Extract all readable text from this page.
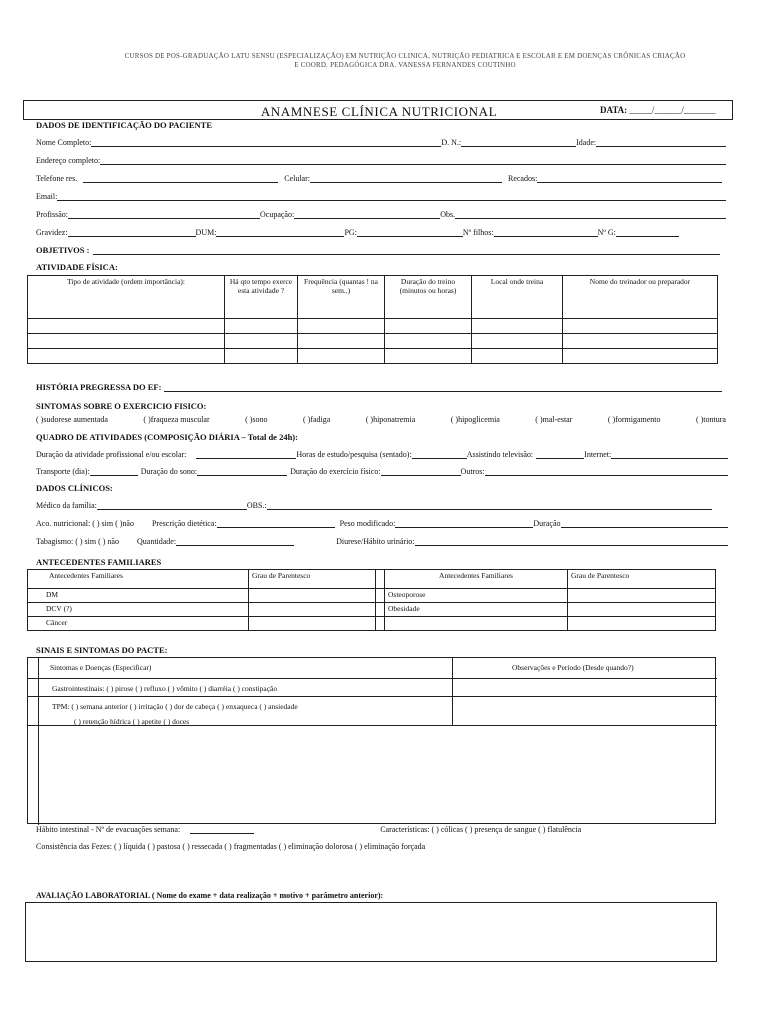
CURSOS DE POS-GRADUAÇÃO LATU SENSU (ESPECIALIZAÇÃO) EM NUTRIÇÃO CLINICA, NUTRIÇÃO PEDIATRICA E ESCOLAR E EM DOENÇAS CRÔNICAS CRIAÇÃO
E COORD. PEDAGÓGICA DRA. VANESSA FERNANDES COUTINHO
ANAMNESE CLÍNICA NUTRICIONAL	DATA: _____/______/_______
DADOS DE IDENTIFICAÇÃO DO PACIENTE
Nome Completo:	D. N.:	Idade:
Endereço completo:
Telefone res.	Celular:	Recados:
Email:
Profissão:	Ocupação:	Obs.
Gravidez:	DUM:	PG:	Nº filhos:	Nº G:
OBJETIVOS :
ATIVIDADE FÍSICA:
Tipo de atividade (ordem importância):	Há qto tempo exerce esta atividade ?	Frequência (quantas ! na sem..)	Duração do treino (minutos ou horas)	Local onde treina	Nome do treinador ou preparador

HISTÓRIA PREGRESSA DO EF:
SINTOMAS SOBRE O EXERCICIO FISICO:
( )sudorese aumentada	( )fraqueza muscular	( )sono	( )fadiga	( )hiponatremia	( )hipoglicemia	( )mal-estar	( )formigamento	( )tontura
QUADRO DE ATIVIDADES (COMPOSIÇÃO DIÁRIA – Total de 24h):
Duração da atividade profissional e/ou escolar:	Horas de estudo/pesquisa (sentado):	Assistindo televisão:	Internet:
Transporte (dia):	Duração do sono:	Duração do exercício físico:	Outros:
DADOS CLÍNICOS:
Médico da família:	OBS.:
Aco. nutricional: ( ) sim ( )não Prescrição dietética:	Peso modificado:	Duração
Tabagismo: ( ) sim ( ) não Quantidade:	Diurese/Hábito urinário:
ANTECEDENTES FAMILIARES
	Antecedentes Familiares	Grau de Parentesco		Antecedentes Familiares	Grau de Parentesco
DM				Osteoporose	
DCV (?)				Obesidade	
Câncer					
SINAIS E SINTOMAS DO PACTE:
Sintomas e Doenças (Especificar)	Observações e Período (Desde quando?)
Gastrointestinais: ( ) pirose ( ) refluxo ( ) vômito ( ) diarréia ( ) constipação
TPM: ( ) semana anterior ( ) irritação ( ) dor de cabeça ( ) enxaqueca ( ) ansiedade
( ) retenção hídrica ( ) apetite ( ) doces
Hábito intestinal - Nº de evacuações semana:	Características: ( ) cólicas ( ) presença de sangue ( ) flatulência
Consistência das Fezes: ( ) líquida ( ) pastosa ( ) ressecada ( ) fragmentadas ( ) eliminação dolorosa ( ) eliminação forçada
AVALIAÇÃO LABORATORIAL ( Nome do exame + data realização + motivo + parâmetro anterior):
